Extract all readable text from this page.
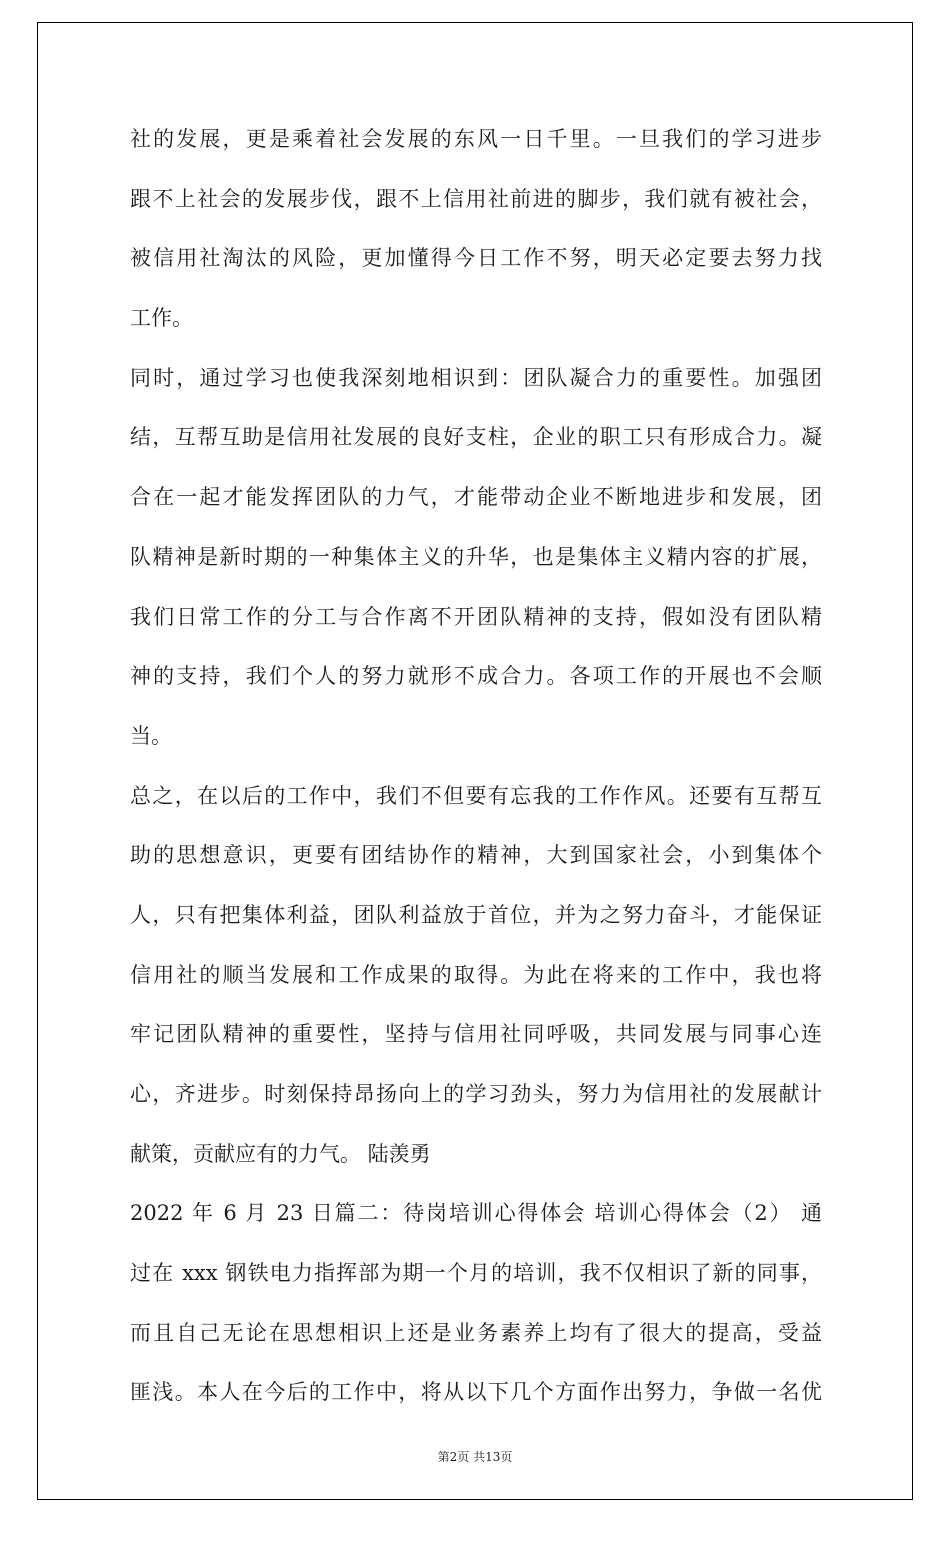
社的发展，更是乘着社会发展的东风一日千里。一旦我们的学习进步
跟不上社会的发展步伐，跟不上信用社前进的脚步，我们就有被社会，
被信用社淘汰的风险，更加懂得今日工作不努，明天必定要去努力找
工作。
同时，通过学习也使我深刻地相识到：团队凝合力的重要性。加强团
结，互帮互助是信用社发展的良好支柱，企业的职工只有形成合力。凝
合在一起才能发挥团队的力气，才能带动企业不断地进步和发展，团
队精神是新时期的一种集体主义的升华，也是集体主义精内容的扩展，
我们日常工作的分工与合作离不开团队精神的支持，假如没有团队精
神的支持，我们个人的努力就形不成合力。各项工作的开展也不会顺
当。
总之，在以后的工作中，我们不但要有忘我的工作作风。还要有互帮互
助的思想意识，更要有团结协作的精神，大到国家社会，小到集体个
人，只有把集体利益，团队利益放于首位，并为之努力奋斗，才能保证
信用社的顺当发展和工作成果的取得。为此在将来的工作中，我也将
牢记团队精神的重要性，坚持与信用社同呼吸，共同发展与同事心连
心，齐进步。时刻保持昂扬向上的学习劲头，努力为信用社的发展献计
献策，贡献应有的力气。 陆羡勇
2022 年 6 月 23 日篇二：待岗培训心得体会 培训心得体会（2） 通
过在 xxx 钢铁电力指挥部为期一个月的培训，我不仅相识了新的同事，
而且自己无论在思想相识上还是业务素养上均有了很大的提高，受益
匪浅。本人在今后的工作中，将从以下几个方面作出努力，争做一名优
第2页 共13页
